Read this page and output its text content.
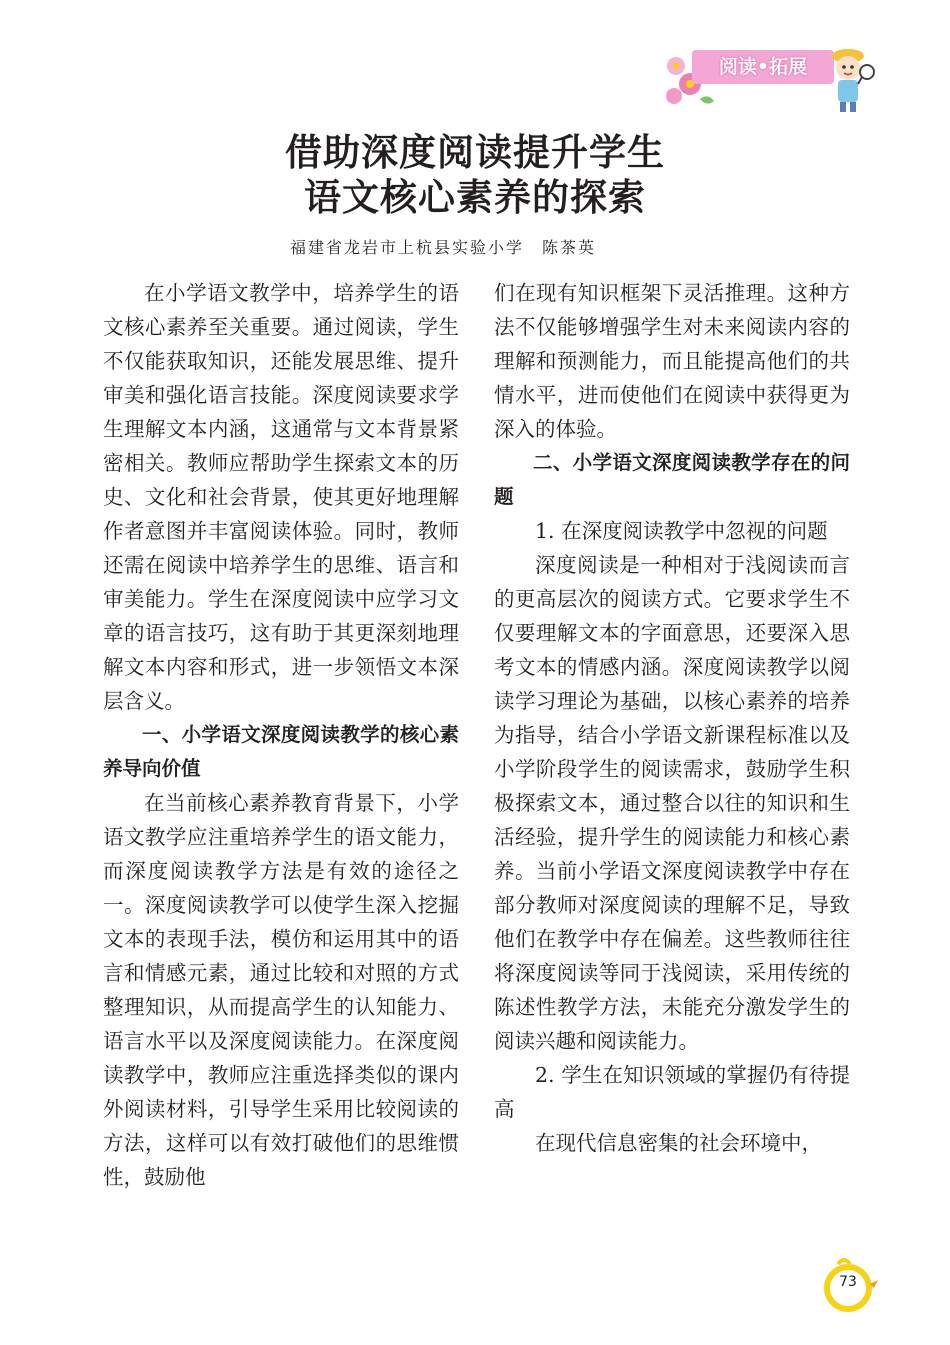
阅读•拓展
借助深度阅读提升学生
语文核心素养的探索
福建省龙岩市上杭县实验小学　陈茶英

在小学语文教学中，培养学生的语文核心素养至关重要。通过阅读，学生不仅能获取知识，还能发展思维、提升审美和强化语言技能。深度阅读要求学生理解文本内涵，这通常与文本背景紧密相关。教师应帮助学生探索文本的历史、文化和社会背景，使其更好地理解作者意图并丰富阅读体验。同时，教师还需在阅读中培养学生的思维、语言和审美能力。学生在深度阅读中应学习文章的语言技巧，这有助于其更深刻地理解文本内容和形式，进一步领悟文本深层含义。

一、小学语文深度阅读教学的核心素养导向价值

在当前核心素养教育背景下，小学语文教学应注重培养学生的语文能力，而深度阅读教学方法是有效的途径之一。深度阅读教学可以使学生深入挖掘文本的表现手法，模仿和运用其中的语言和情感元素，通过比较和对照的方式整理知识，从而提高学生的认知能力、语言水平以及深度阅读能力。在深度阅读教学中，教师应注重选择类似的课内外阅读材料，引导学生采用比较阅读的方法，这样可以有效打破他们的思维惯性，鼓励他

们在现有知识框架下灵活推理。这种方法不仅能够增强学生对未来阅读内容的理解和预测能力，而且能提高他们的共情水平，进而使他们在阅读中获得更为深入的体验。

二、小学语文深度阅读教学存在的问题
1. 在深度阅读教学中忽视的问题

深度阅读是一种相对于浅阅读而言的更高层次的阅读方式。它要求学生不仅要理解文本的字面意思，还要深入思考文本的情感内涵。深度阅读教学以阅读学习理论为基础，以核心素养的培养为指导，结合小学语文新课程标准以及小学阶段学生的阅读需求，鼓励学生积极探索文本，通过整合以往的知识和生活经验，提升学生的阅读能力和核心素养。当前小学语文深度阅读教学中存在部分教师对深度阅读的理解不足，导致他们在教学中存在偏差。这些教师往往将深度阅读等同于浅阅读，采用传统的陈述性教学方法，未能充分激发学生的阅读兴趣和阅读能力。

2. 学生在知识领域的掌握仍有待提高

在现代信息密集的社会环境中，

73
